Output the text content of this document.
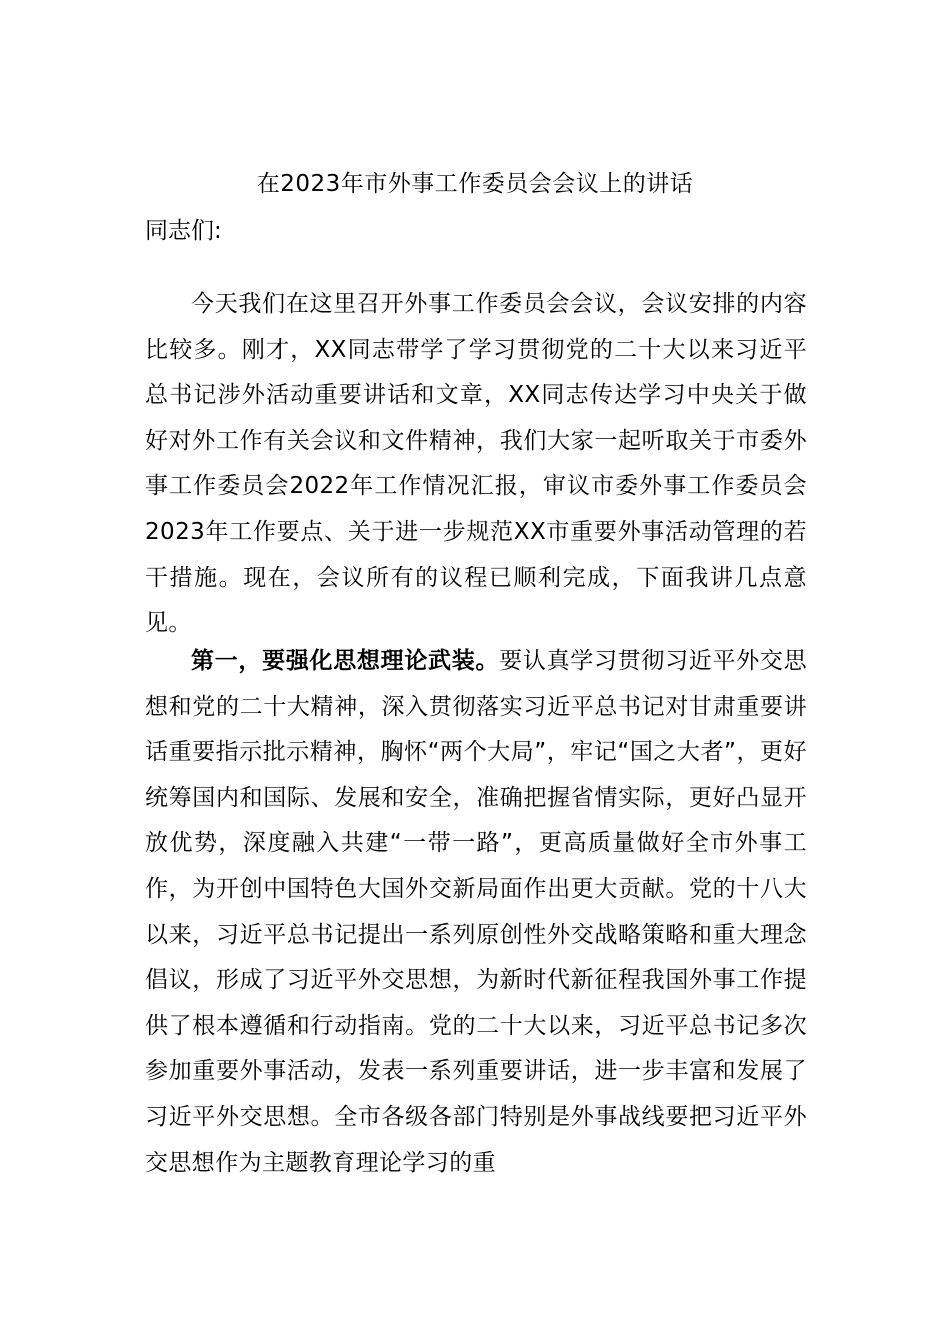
在2023年市外事工作委员会会议上的讲话

同志们:

今天我们在这里召开外事工作委员会会议，会议安排的内容比较多。刚才，XX同志带学了学习贯彻党的二十大以来习近平总书记涉外活动重要讲话和文章，XX同志传达学习中央关于做好对外工作有关会议和文件精神，我们大家一起听取关于市委外事工作委员会2022年工作情况汇报，审议市委外事工作委员会2023年工作要点、关于进一步规范XX市重要外事活动管理的若干措施。现在，会议所有的议程已顺利完成，下面我讲几点意见。

第一，要强化思想理论武装。要认真学习贯彻习近平外交思想和党的二十大精神，深入贯彻落实习近平总书记对甘肃重要讲话重要指示批示精神，胸怀“两个大局”，牢记“国之大者”，更好统筹国内和国际、发展和安全，准确把握省情实际，更好凸显开放优势，深度融入共建“一带一路”，更高质量做好全市外事工作，为开创中国特色大国外交新局面作出更大贡献。党的十八大以来，习近平总书记提出一系列原创性外交战略策略和重大理念倡议，形成了习近平外交思想，为新时代新征程我国外事工作提供了根本遵循和行动指南。党的二十大以来，习近平总书记多次参加重要外事活动，发表一系列重要讲话，进一步丰富和发展了习近平外交思想。全市各级各部门特别是外事战线要把习近平外交思想作为主题教育理论学习的重
